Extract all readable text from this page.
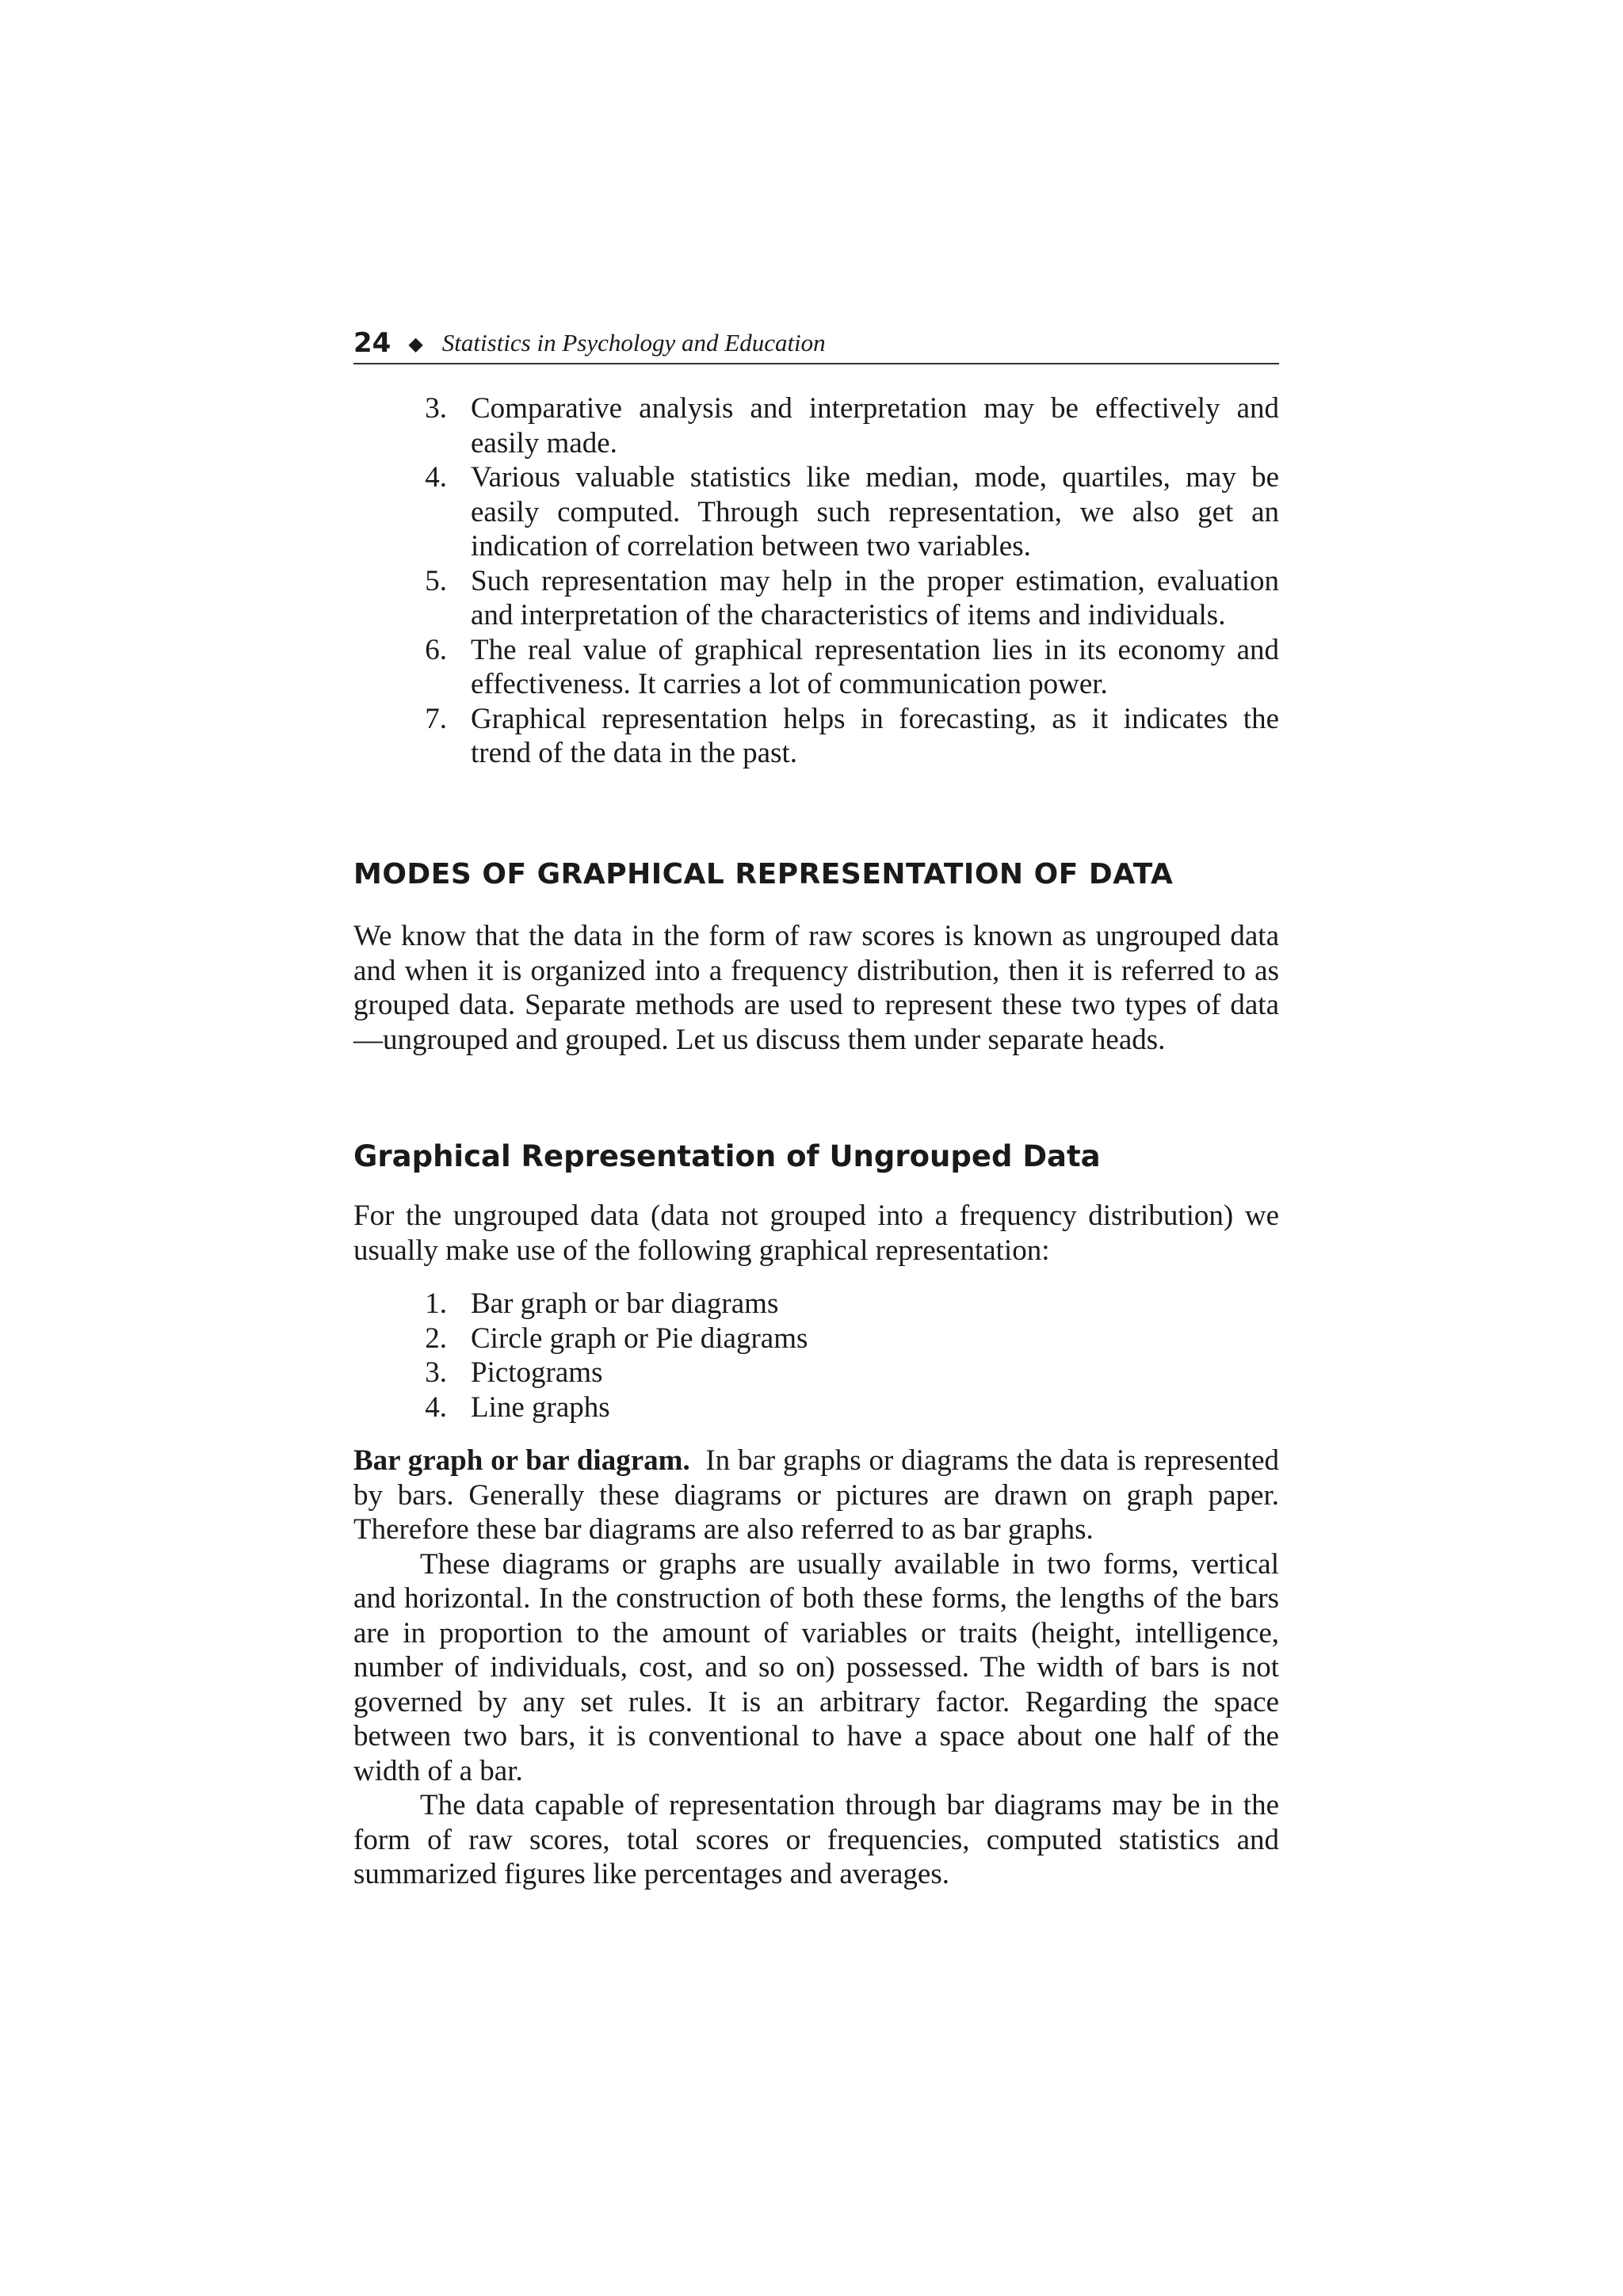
24 ◆ Statistics in Psychology and Education
3. Comparative analysis and interpretation may be effectively and easily made.
4. Various valuable statistics like median, mode, quartiles, may be easily computed. Through such representation, we also get an indication of correlation between two variables.
5. Such representation may help in the proper estimation, evaluation and interpretation of the characteristics of items and individuals.
6. The real value of graphical representation lies in its economy and effectiveness. It carries a lot of communication power.
7. Graphical representation helps in forecasting, as it indicates the trend of the data in the past.
MODES OF GRAPHICAL REPRESENTATION OF DATA

We know that the data in the form of raw scores is known as ungrouped data and when it is organized into a frequency distribution, then it is referred to as grouped data. Separate methods are used to represent these two types of data—ungrouped and grouped. Let us discuss them under separate heads.

Graphical Representation of Ungrouped Data

For the ungrouped data (data not grouped into a frequency distribution) we usually make use of the following graphical representation:

1. Bar graph or bar diagrams
2. Circle graph or Pie diagrams
3. Pictograms
4. Line graphs

Bar graph or bar diagram. In bar graphs or diagrams the data is represented by bars. Generally these diagrams or pictures are drawn on graph paper. Therefore these bar diagrams are also referred to as bar graphs.

These diagrams or graphs are usually available in two forms, vertical and horizontal. In the construction of both these forms, the lengths of the bars are in proportion to the amount of variables or traits (height, intelligence, number of individuals, cost, and so on) possessed. The width of bars is not governed by any set rules. It is an arbitrary factor. Regarding the space between two bars, it is conventional to have a space about one half of the width of a bar.

The data capable of representation through bar diagrams may be in the form of raw scores, total scores or frequencies, computed statistics and summarized figures like percentages and averages.
